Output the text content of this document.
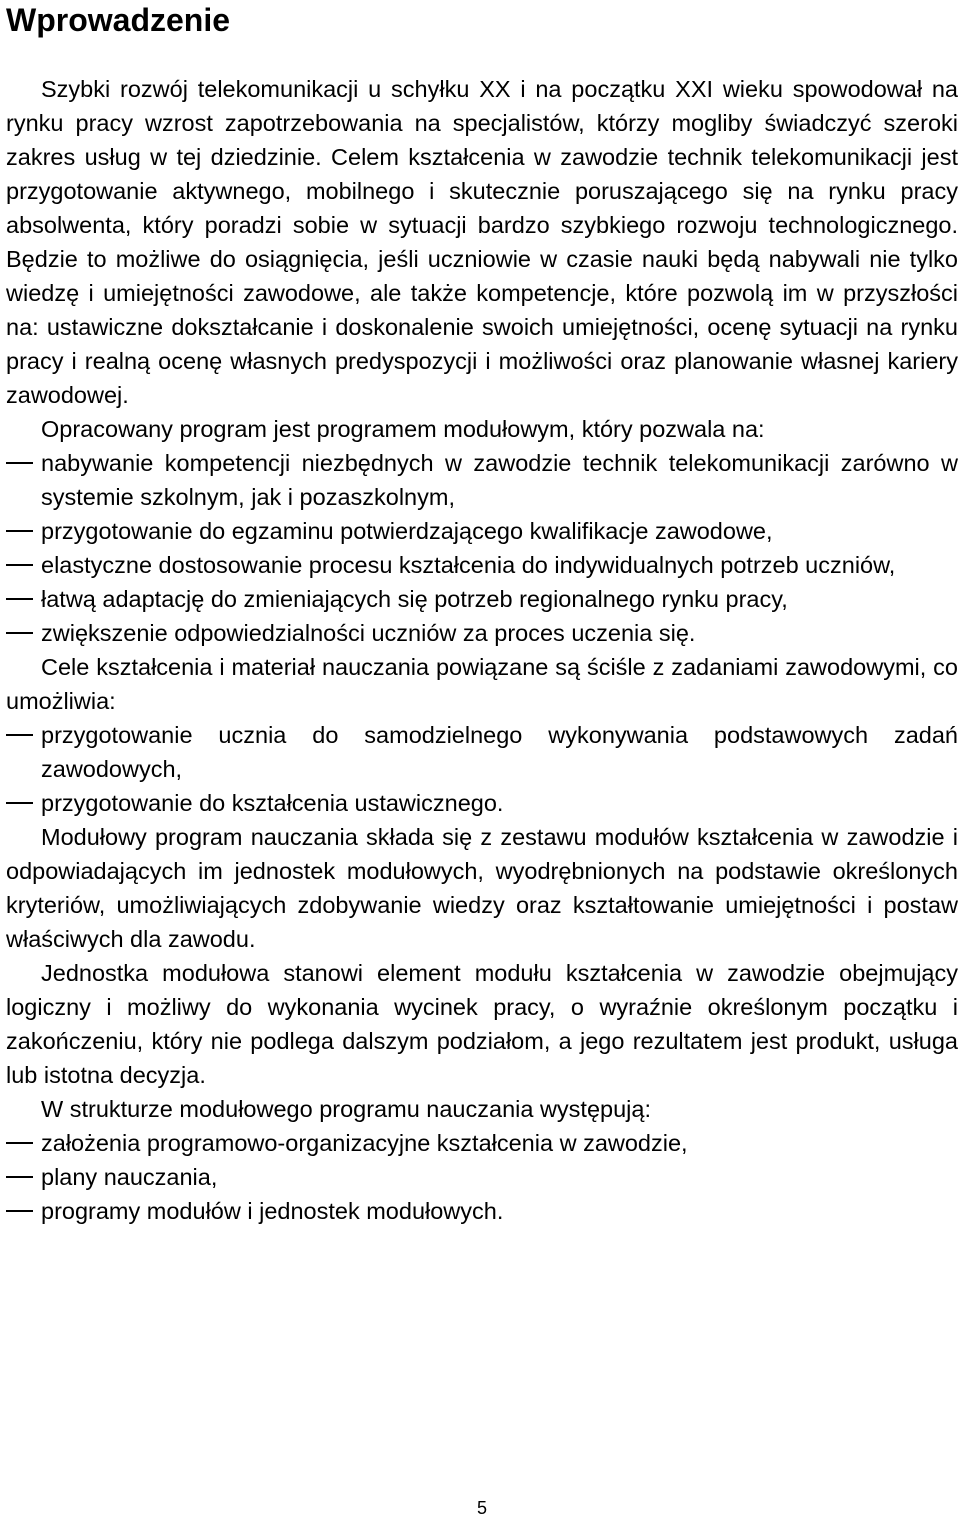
Wprowadzenie

Szybki rozwój telekomunikacji u schyłku XX i na początku XXI wieku spowodował na rynku pracy wzrost zapotrzebowania na specjalistów, którzy mogliby świadczyć szeroki zakres usług w tej dziedzinie. Celem kształcenia w zawodzie technik telekomunikacji jest przygotowanie aktywnego, mobilnego i skutecznie poruszającego się na rynku pracy absolwenta, który poradzi sobie w sytuacji bardzo szybkiego rozwoju technologicznego. Będzie to możliwe do osiągnięcia, jeśli uczniowie w czasie nauki będą nabywali nie tylko wiedzę i umiejętności zawodowe, ale także kompetencje, które pozwolą im w przyszłości na: ustawiczne dokształcanie i doskonalenie swoich umiejętności, ocenę sytuacji na rynku pracy i realną ocenę własnych predyspozycji i możliwości oraz planowanie własnej kariery zawodowej.

Opracowany program jest programem modułowym, który pozwala na:

nabywanie kompetencji niezbędnych w zawodzie technik telekomunikacji zarówno w systemie szkolnym, jak i pozaszkolnym,
przygotowanie do egzaminu potwierdzającego kwalifikacje zawodowe,
elastyczne dostosowanie procesu kształcenia do indywidualnych potrzeb uczniów,
łatwą adaptację do zmieniających się potrzeb regionalnego rynku pracy,
zwiększenie odpowiedzialności uczniów za proces uczenia się.

Cele kształcenia i materiał nauczania powiązane są ściśle z zadaniami zawodowymi, co umożliwia:

przygotowanie ucznia do samodzielnego wykonywania podstawowych zadań zawodowych,
przygotowanie do kształcenia ustawicznego.

Modułowy program nauczania składa się z zestawu modułów kształcenia w zawodzie i odpowiadających im jednostek modułowych, wyodrębnionych na podstawie określonych kryteriów, umożliwiających zdobywanie wiedzy oraz kształtowanie umiejętności i postaw właściwych dla zawodu.

Jednostka modułowa stanowi element modułu kształcenia w zawodzie obejmujący logiczny i możliwy do wykonania wycinek pracy, o wyraźnie określonym początku i zakończeniu, który nie podlega dalszym podziałom, a jego rezultatem jest produkt, usługa lub istotna decyzja.

W strukturze modułowego programu nauczania występują:

założenia programowo-organizacyjne kształcenia w zawodzie,
plany nauczania,
programy modułów i jednostek modułowych.
5
